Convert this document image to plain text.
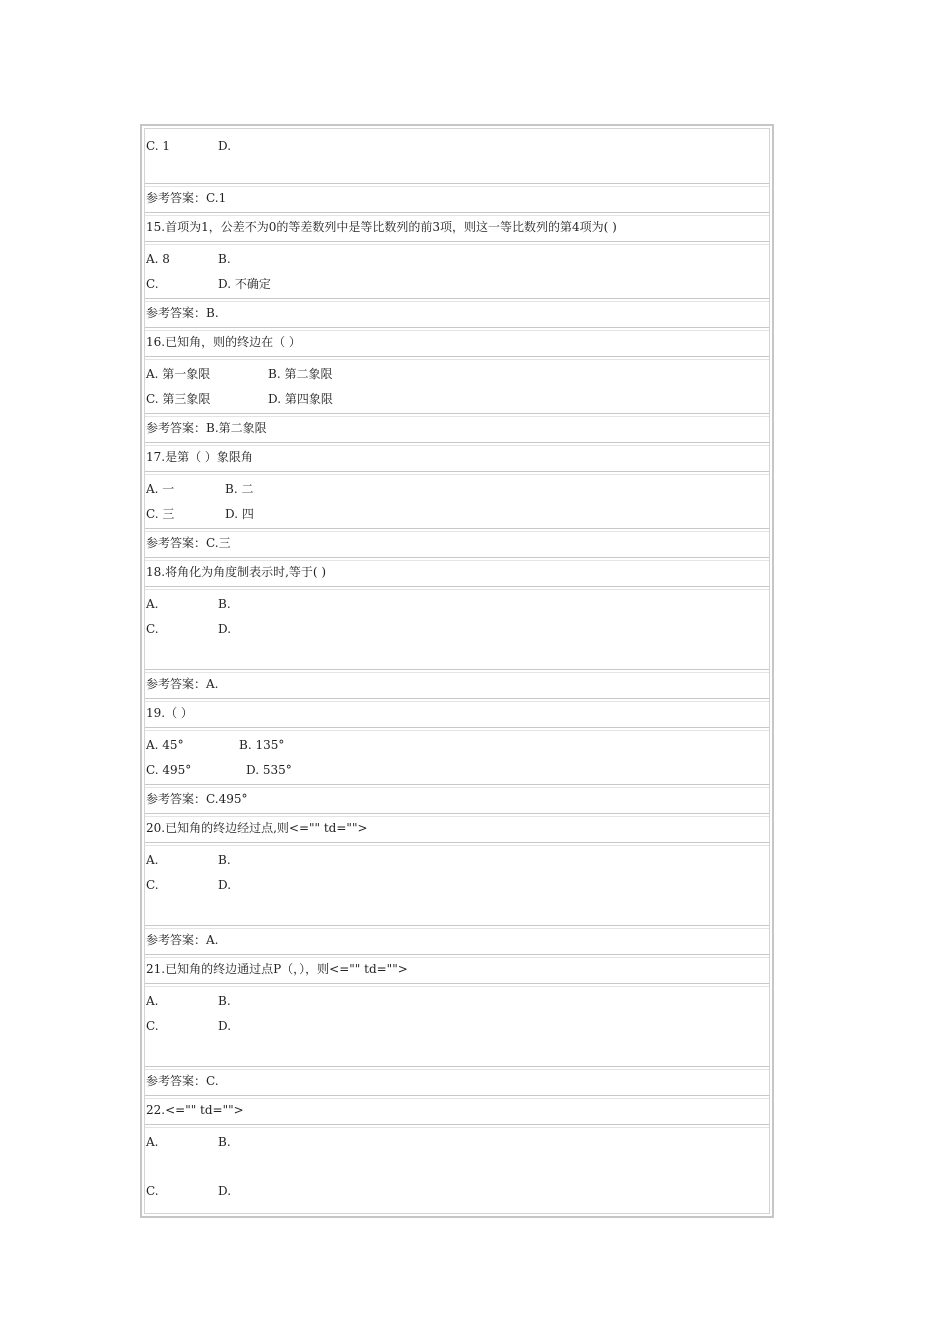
C. 1	D.
参考答案：C.1
15.首项为1，公差不为0的等差数列中是等比数列的前3项，则这一等比数列的第4项为( )
A. 8	B.
C.	D. 不确定
参考答案：B.
16.已知角，则的终边在（ ）
A. 第一象限	B. 第二象限
C. 第三象限	D. 第四象限
参考答案：B.第二象限
17.是第（ ）象限角
A. 一	B. 二
C. 三	D. 四
参考答案：C.三
18.将角化为角度制表示时,等于( )
A.	B.
C.	D.
参考答案：A.
19.（ ）
A. 45°	B. 135°
C. 495°	D. 535°
参考答案：C.495°
20.已知角的终边经过点,则<="" td="">
A.	B.
C.	D.
参考答案：A.
21.已知角的终边通过点P（，），则<="" td="">
A.	B.
C.	D.
参考答案：C.
22.<="" td="">
A.	B.
C.	D.
